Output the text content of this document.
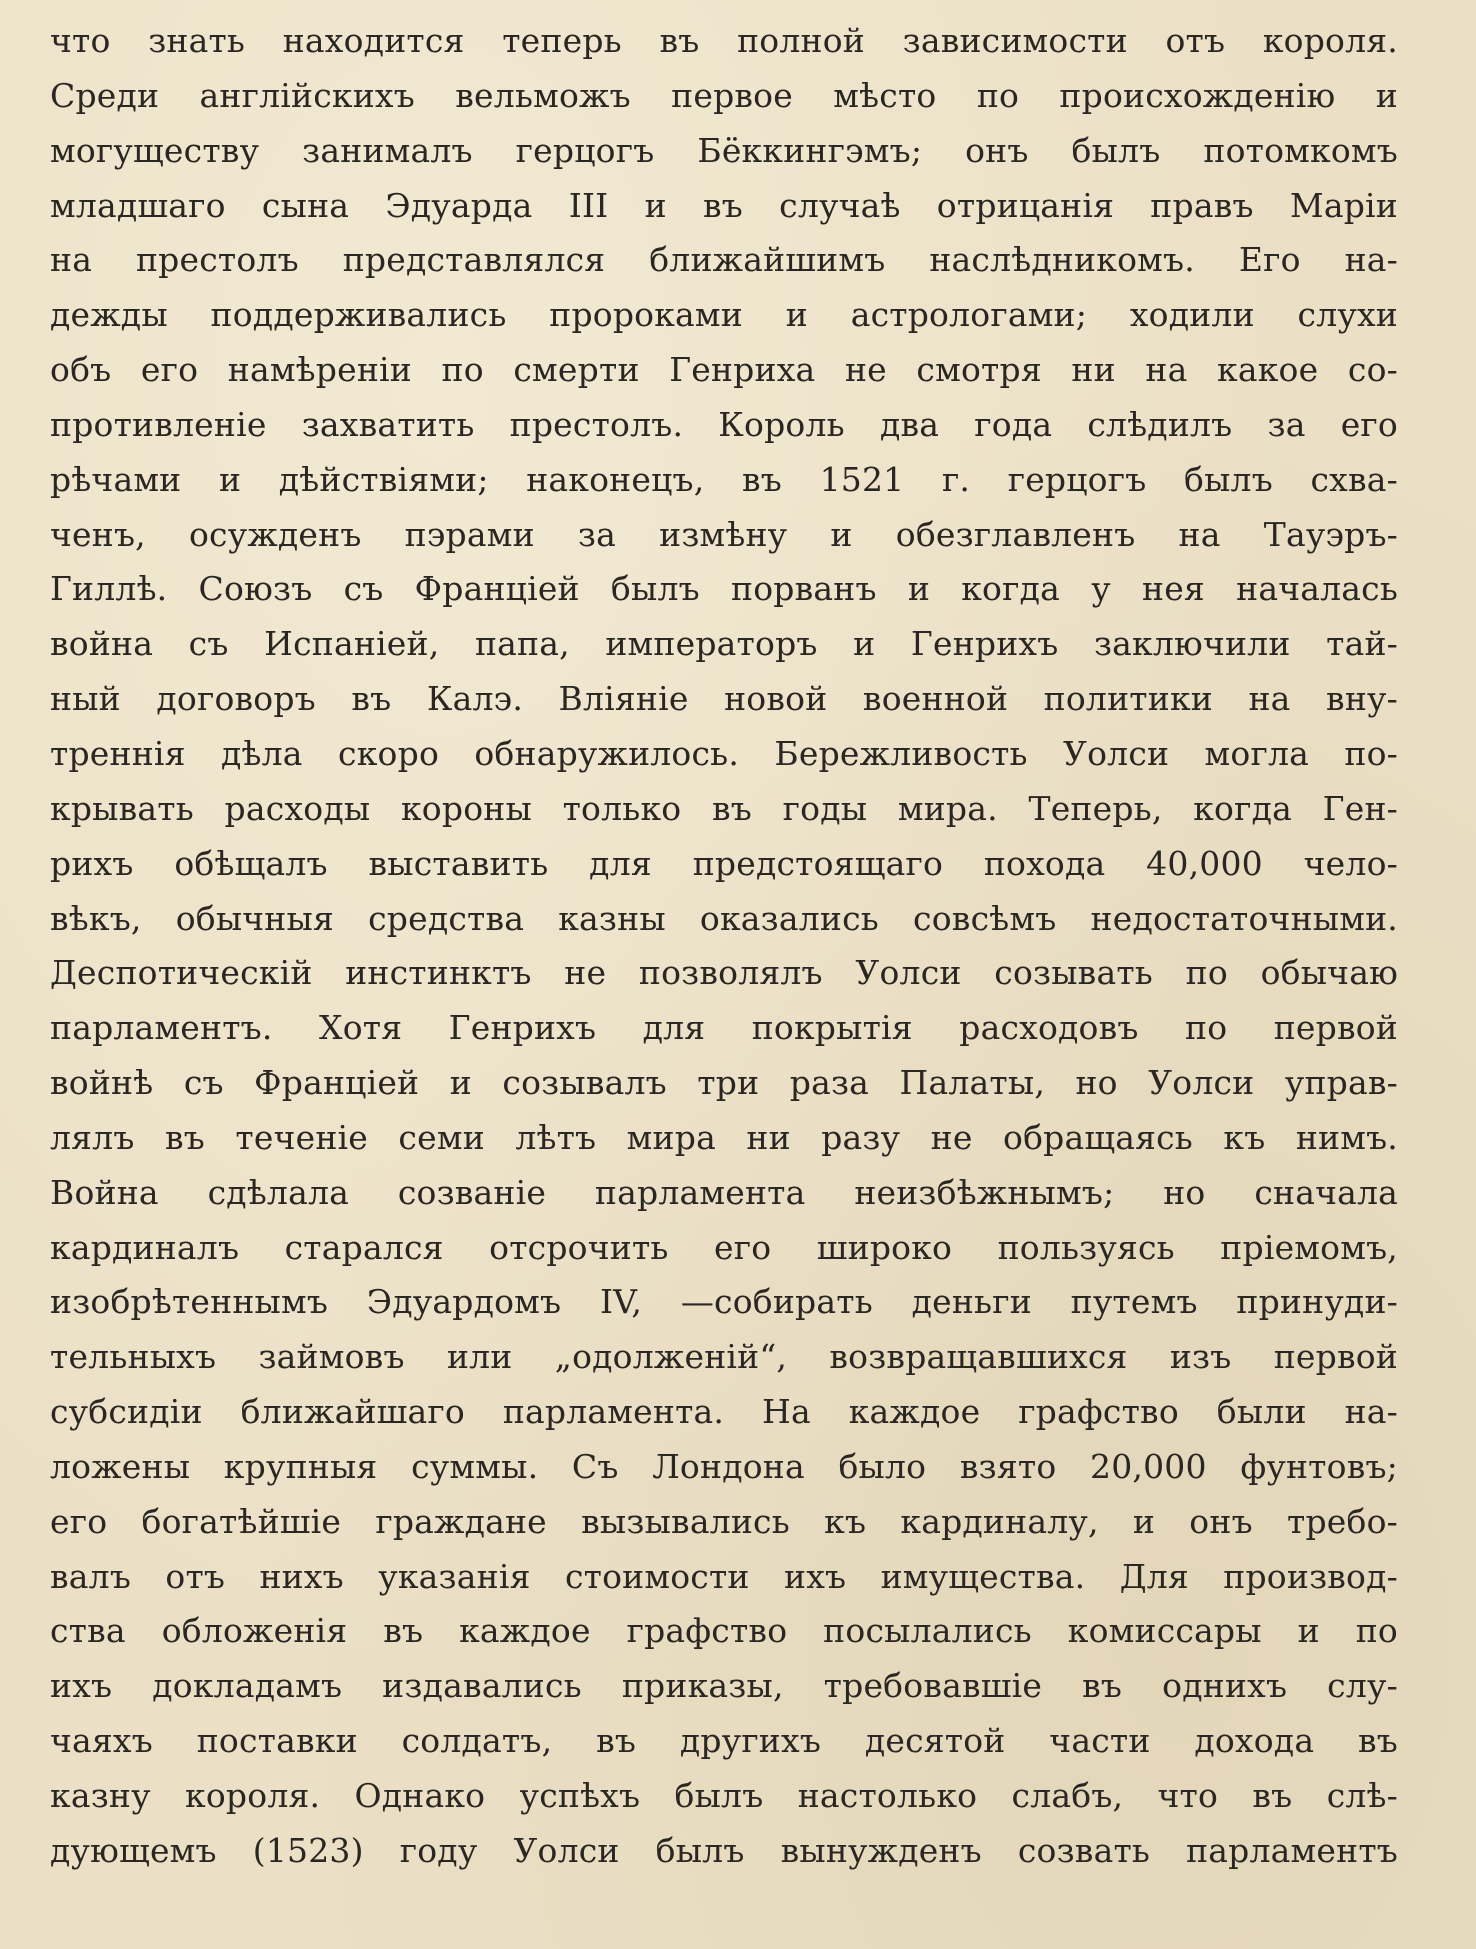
что знать находится теперь въ полной зависимости отъ короля.
Среди англійскихъ вельможъ первое мѣсто по происхожденію и
могуществу занималъ герцогъ Бёккингэмъ; онъ былъ потомкомъ
младшаго сына Эдуарда III и въ случаѣ отрицанія правъ Маріи
на престолъ представлялся ближайшимъ наслѣдникомъ. Его на-
дежды поддерживались пророками и астрологами; ходили слухи
объ его намѣреніи по смерти Генриха не смотря ни на какое со-
противленіе захватить престолъ. Король два года слѣдилъ за его
рѣчами и дѣйствіями; наконецъ, въ 1521 г. герцогъ былъ схва-
ченъ, осужденъ пэрами за измѣну и обезглавленъ на Тауэръ-
Гиллѣ. Союзъ съ Франціей былъ порванъ и когда у нея началась
война съ Испаніей, папа, императоръ и Генрихъ заключили тай-
ный договоръ въ Калэ. Вліяніе новой военной политики на вну-
треннія дѣла скоро обнаружилось. Бережливость Уолси могла по-
крывать расходы короны только въ годы мира. Теперь, когда Ген-
рихъ обѣщалъ выставить для предстоящаго похода 40,000 чело-
вѣкъ, обычныя средства казны оказались совсѣмъ недостаточными.
Деспотическій инстинктъ не позволялъ Уолси созывать по обычаю
парламентъ. Хотя Генрихъ для покрытія расходовъ по первой
войнѣ съ Франціей и созывалъ три раза Палаты, но Уолси управ-
лялъ въ теченіе семи лѣтъ мира ни разу не обращаясь къ нимъ.
Война сдѣлала созваніе парламента неизбѣжнымъ; но сначала
кардиналъ старался отсрочить его широко пользуясь пріемомъ,
изобрѣтеннымъ Эдуардомъ IV, —собирать деньги путемъ принуди-
тельныхъ займовъ или „одолженій“, возвращавшихся изъ первой
субсидіи ближайшаго парламента. На каждое графство были на-
ложены крупныя суммы. Съ Лондона было взято 20,000 фунтовъ;
его богатѣйшіе граждане вызывались къ кардиналу, и онъ требо-
валъ отъ нихъ указанія стоимости ихъ имущества. Для производ-
ства обложенія въ каждое графство посылались комиссары и по
ихъ докладамъ издавались приказы, требовавшіе въ однихъ слу-
чаяхъ поставки солдатъ, въ другихъ десятой части дохода въ
казну короля. Однако успѣхъ былъ настолько слабъ, что въ слѣ-
дующемъ (1523) году Уолси былъ вынужденъ созвать парламентъ
